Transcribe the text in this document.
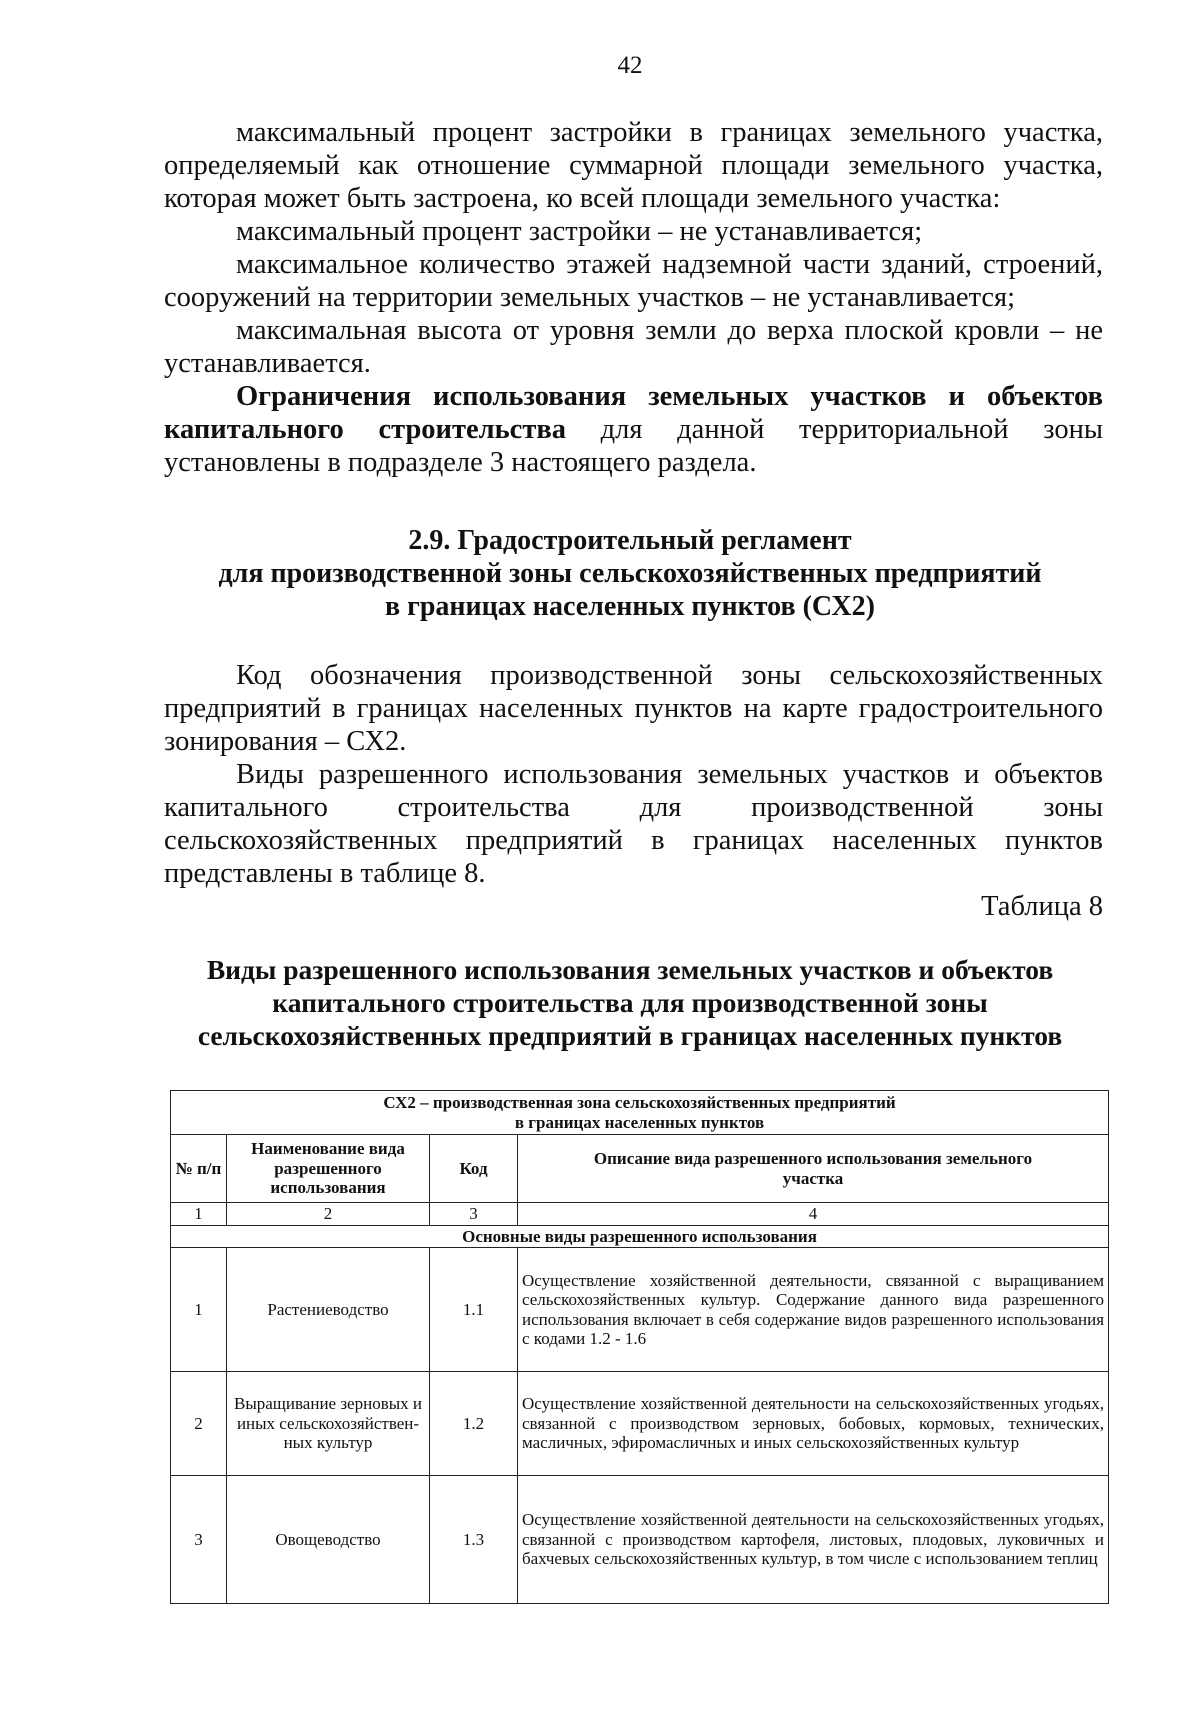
42

максимальный процент застройки в границах земельного участка, определяемый как отношение суммарной площади земельного участка, которая может быть застроена, ко всей площади земельного участка:

максимальный процент застройки – не устанавливается;

максимальное количество этажей надземной части зданий, строений, сооружений на территории земельных участков – не устанавливается;

максимальная высота от уровня земли до верха плоской кровли – не устанавливается.

Ограничения использования земельных участков и объектов капитального строительства для данной территориальной зоны установлены в подразделе 3 настоящего раздела.

2.9. Градостроительный регламент
для производственной зоны сельскохозяйственных предприятий
в границах населенных пунктов (СХ2)

Код обозначения производственной зоны сельскохозяйственных предприятий в границах населенных пунктов на карте градостроительного зонирования – СХ2.

Виды разрешенного использования земельных участков и объектов капитального строительства для производственной зоны сельскохозяйственных предприятий в границах населенных пунктов представлены в таблице 8.

Таблица 8
Виды разрешенного использования земельных участков и объектов
капитального строительства для производственной зоны
сельскохозяйственных предприятий в границах населенных пунктов
СХ2 – производственная зона сельскохозяйственных предприятий
в границах населенных пунктов			

№ п/п	Наименование вида разрешенного использования	Код	Описание вида разрешенного использования земельного участка
1	2	3	4
Основные виды разрешенного использования			
1	Растениеводство	1.1	Осуществление хозяйственной деятельности, связанной с выращиванием сельскохозяйственных культур. Содержание данного вида разрешенного использования включает в себя содержание видов разрешенного использования с кодами 1.2 - 1.6
2	Выращивание зерновых и иных сельскохозяйствен-ных культур	1.2	Осуществление хозяйственной деятельности на сельскохозяйственных угодьях, связанной с производством зерновых, бобовых, кормовых, технических, масличных, эфиромасличных и иных сельскохозяйственных культур
3	Овощеводство	1.3	Осуществление хозяйственной деятельности на сельскохозяйственных угодьях, связанной с производством картофеля, листовых, плодовых, луковичных и бахчевых сельскохозяйственных культур, в том числе с использованием теплиц
